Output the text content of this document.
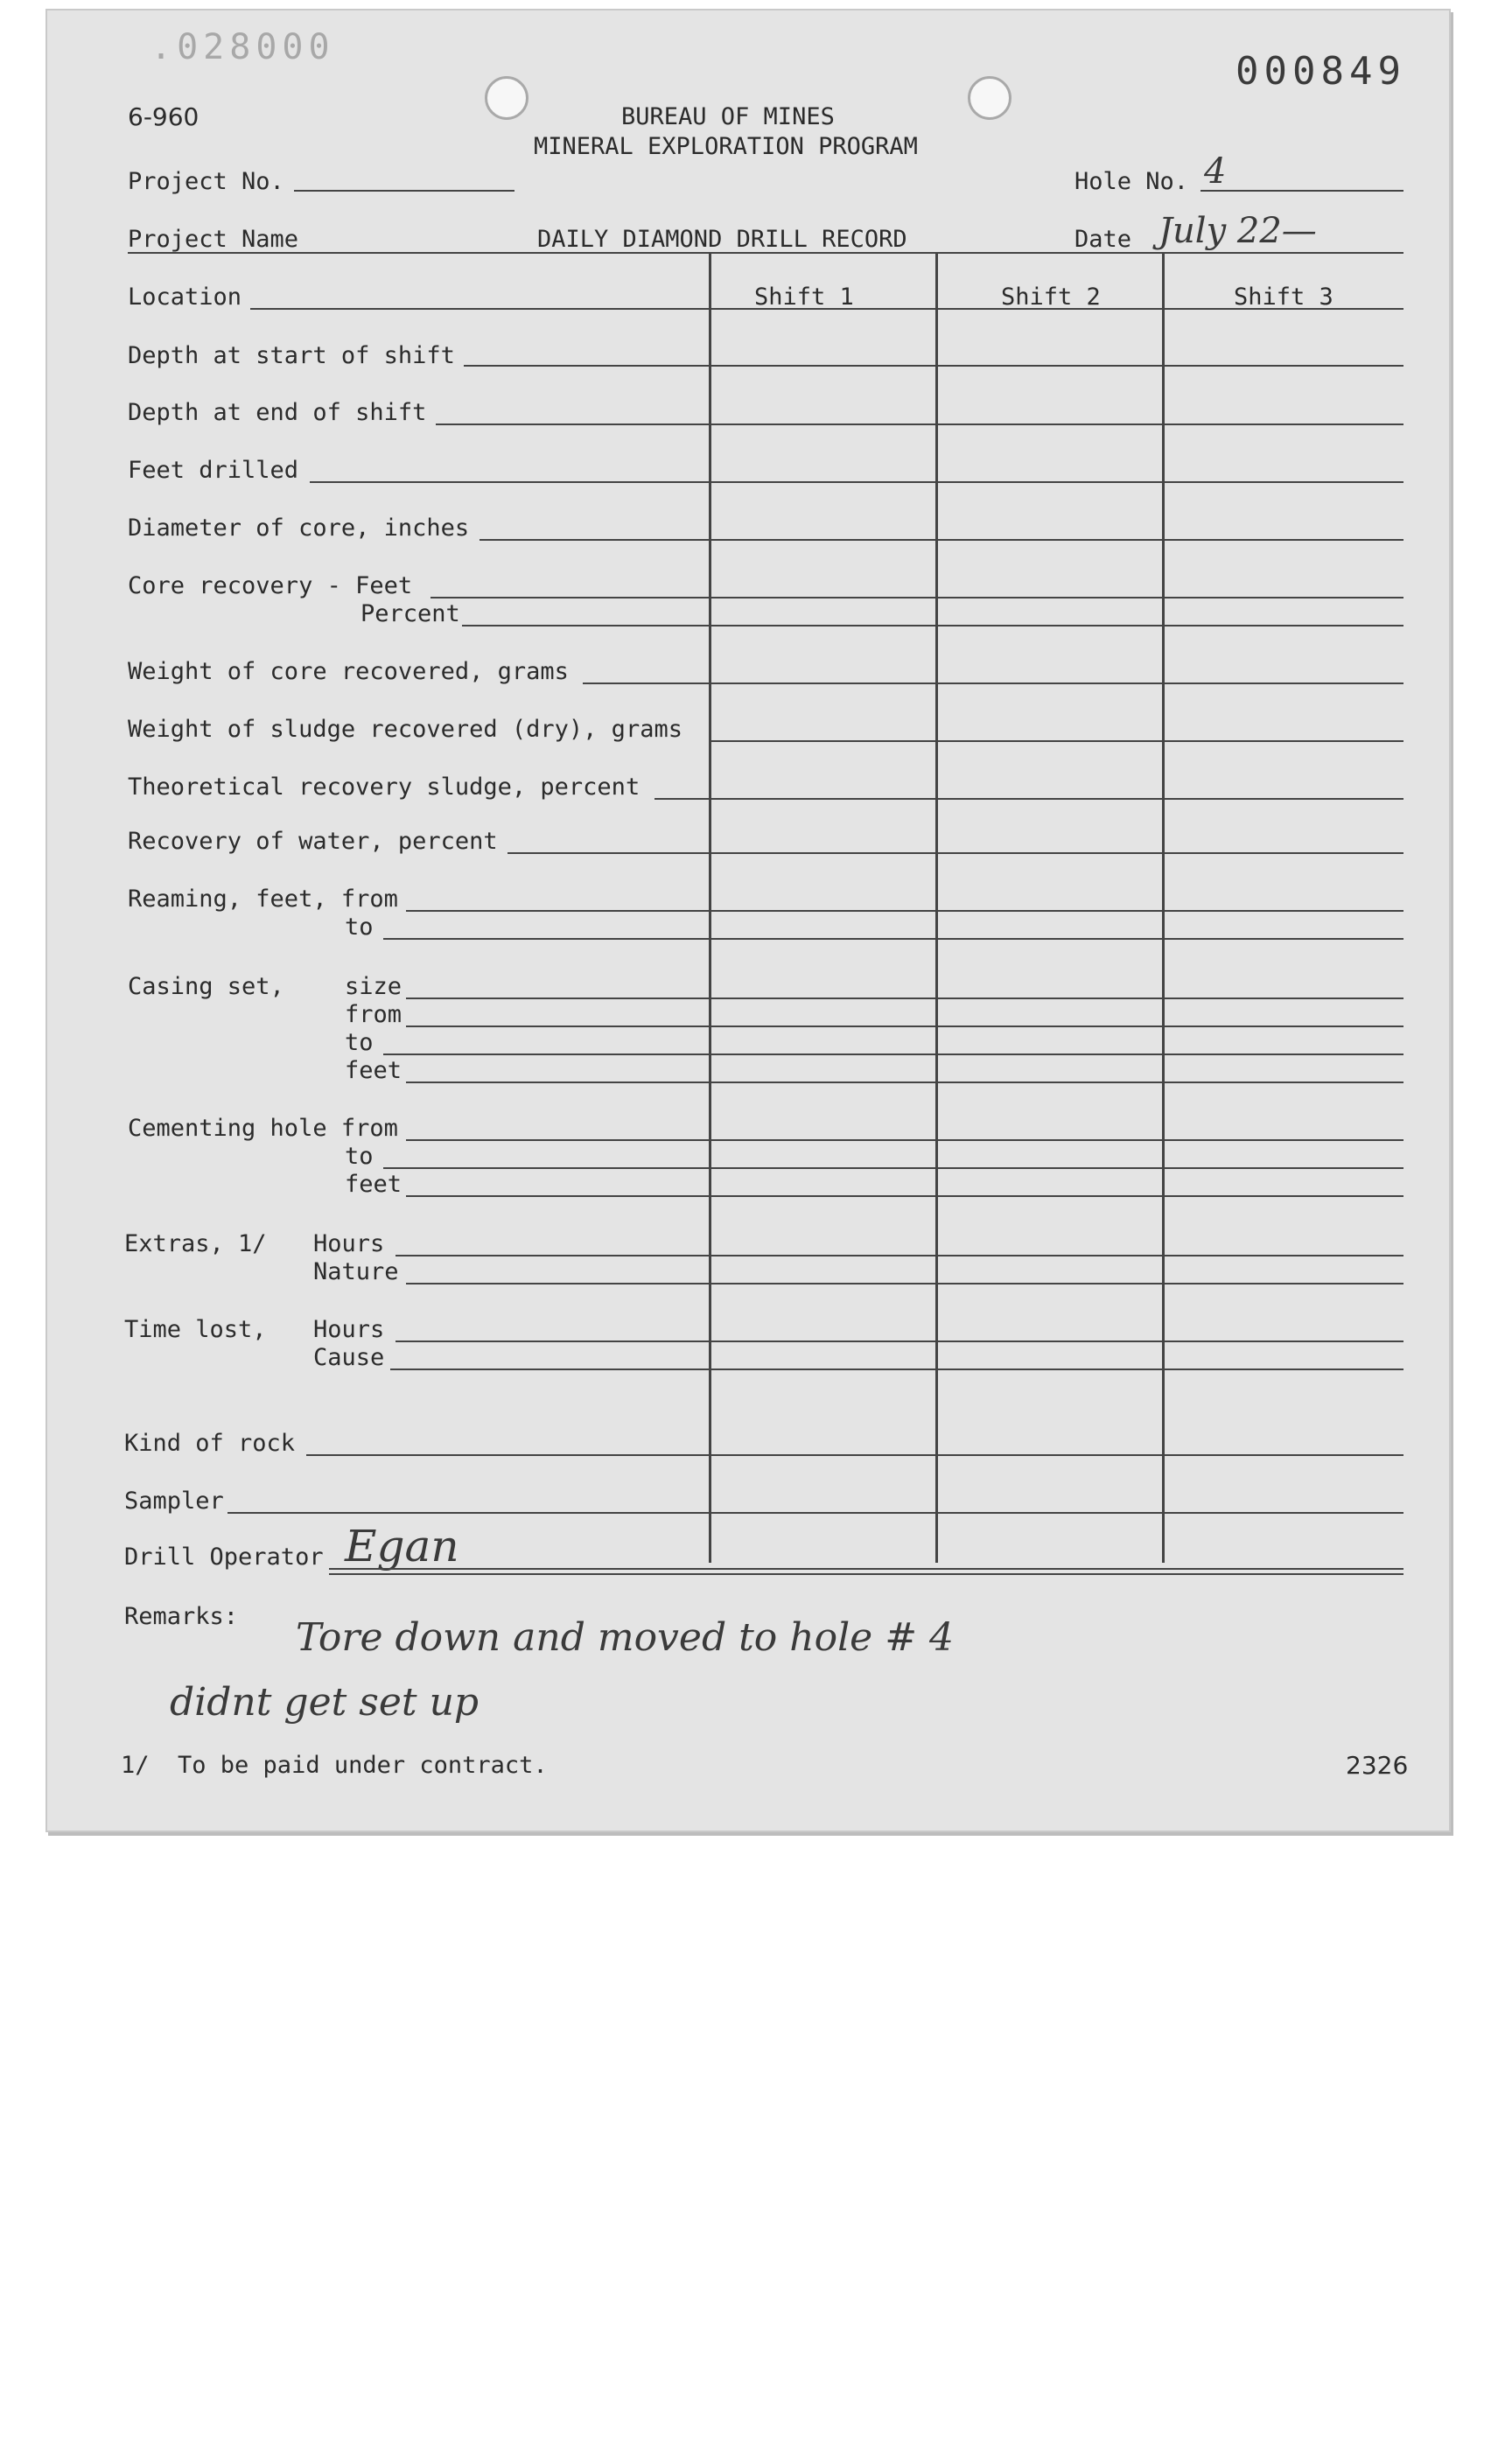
.028000
000849
6-960	BUREAU OF MINES
MINERAL EXPLORATION PROGRAM
Project No.	Hole No. 4
Project Name	DAILY DIAMOND DRILL RECORD	Date July 22—
Location	Shift 1	Shift 2	Shift 3
Depth at start of shift
Depth at end of shift
Feet drilled
Diameter of core, inches
Core recovery - Feet
Percent
Weight of core recovered, grams
Weight of sludge recovered (dry), grams
Theoretical recovery sludge, percent
Recovery of water, percent
Reaming, feet, from
to
Casing set,	size
from
to
feet
Cementing hole from
to
feet
Extras, 1/ Hours
Nature
Time lost, Hours
Cause
Kind of rock
Sampler
Drill Operator Egan
Remarks: Tore down and moved to hole # 4
didnt get set up
1/  To be paid under contract.	2326
